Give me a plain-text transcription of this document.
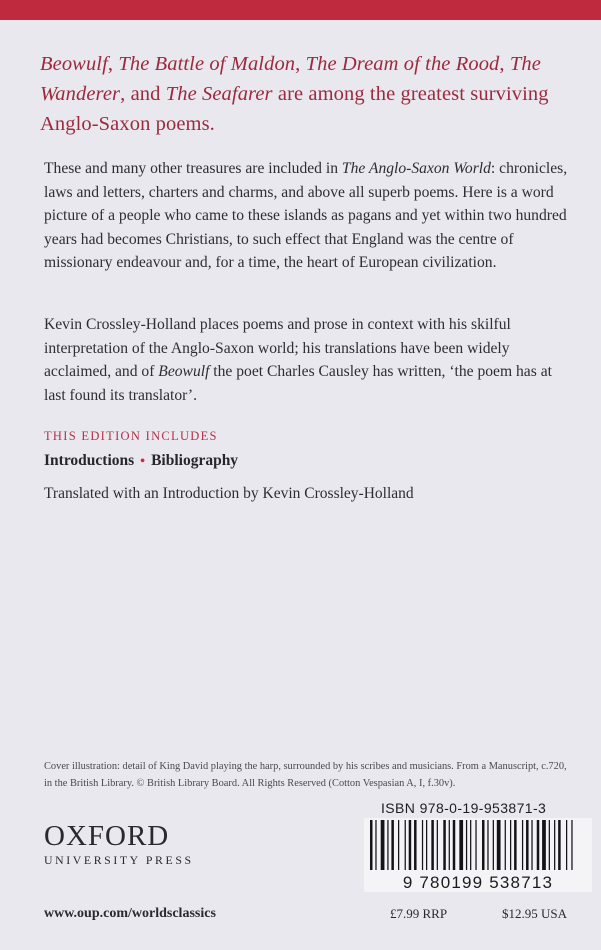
Beowulf, The Battle of Maldon, The Dream of the Rood, The Wanderer, and The Seafarer are among the greatest surviving Anglo-Saxon poems.
These and many other treasures are included in The Anglo-Saxon World: chronicles, laws and letters, charters and charms, and above all superb poems. Here is a word picture of a people who came to these islands as pagans and yet within two hundred years had becomes Christians, to such effect that England was the centre of missionary endeavour and, for a time, the heart of European civilization.
Kevin Crossley-Holland places poems and prose in context with his skilful interpretation of the Anglo-Saxon world; his translations have been widely acclaimed, and of Beowulf the poet Charles Causley has written, ‘the poem has at last found its translator’.
THIS EDITION INCLUDES
Introductions • Bibliography
Translated with an Introduction by Kevin Crossley-Holland
Cover illustration: detail of King David playing the harp, surrounded by his scribes and musicians. From a Manuscript, c.720, in the British Library. © British Library Board. All Rights Reserved (Cotton Vespasian A, I, f.30v).
OXFORD
UNIVERSITY PRESS
www.oup.com/worldsclassics
ISBN 978-0-19-953871-3
9 780199 538713
£7.99 RRP	$12.95 USA
